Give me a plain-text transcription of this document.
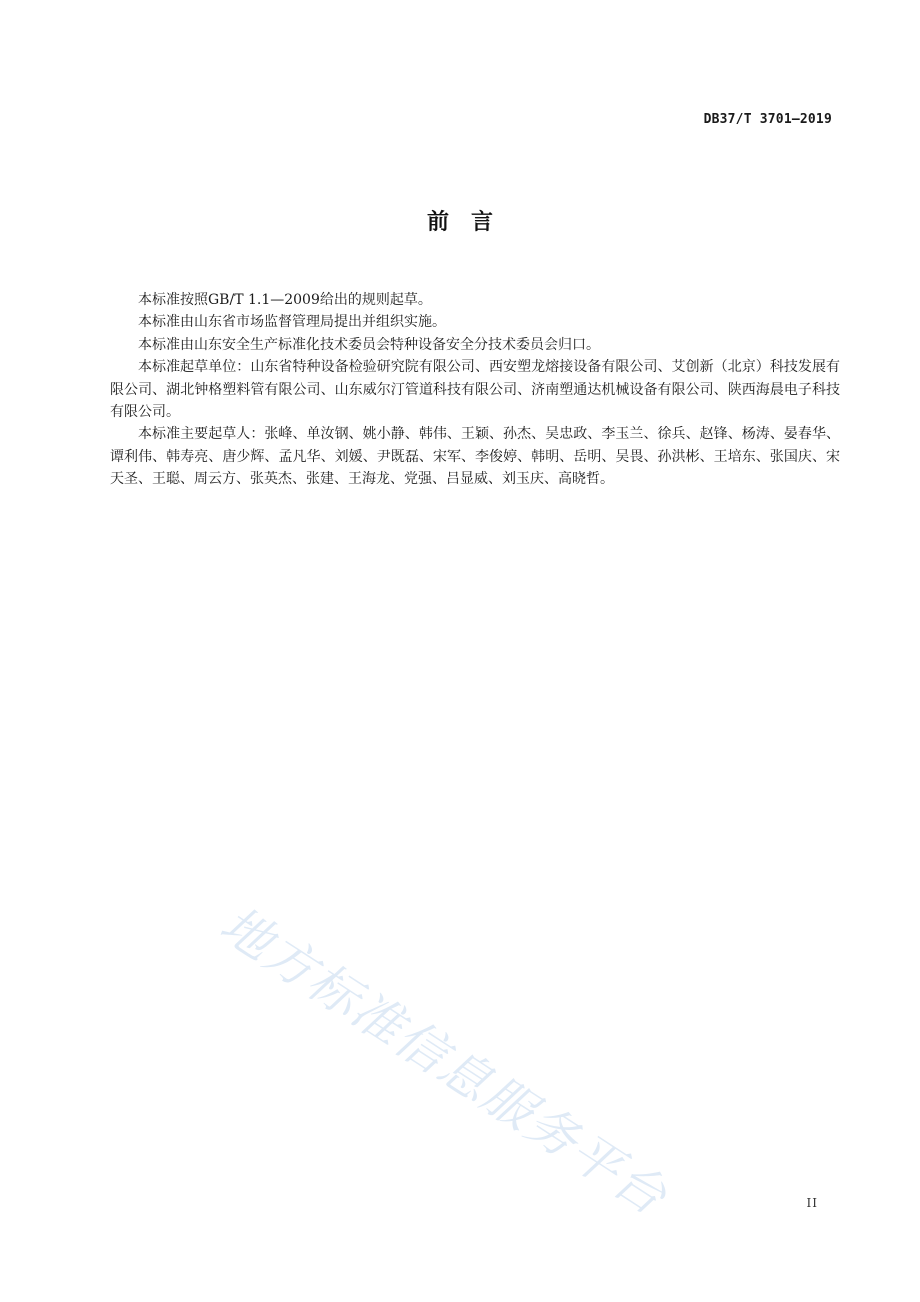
DB37/T 3701—2019
前言

本标准按照GB/T 1.1—2009给出的规则起草。

本标准由山东省市场监督管理局提出并组织实施。

本标准由山东安全生产标准化技术委员会特种设备安全分技术委员会归口。

本标准起草单位：山东省特种设备检验研究院有限公司、西安塑龙熔接设备有限公司、艾创新（北京）科技发展有限公司、湖北钟格塑料管有限公司、山东威尔汀管道科技有限公司、济南塑通达机械设备有限公司、陕西海晨电子科技有限公司。

本标准主要起草人：张峰、单汝钢、姚小静、韩伟、王颖、孙杰、吴忠政、李玉兰、徐兵、赵锋、杨涛、晏春华、谭利伟、韩寿亮、唐少辉、孟凡华、刘媛、尹既磊、宋军、李俊婷、韩明、岳明、吴畏、孙洪彬、王培东、张国庆、宋天圣、王聪、周云方、张英杰、张建、王海龙、党强、吕显威、刘玉庆、高晓哲。

地方标准信息服务平台	II
